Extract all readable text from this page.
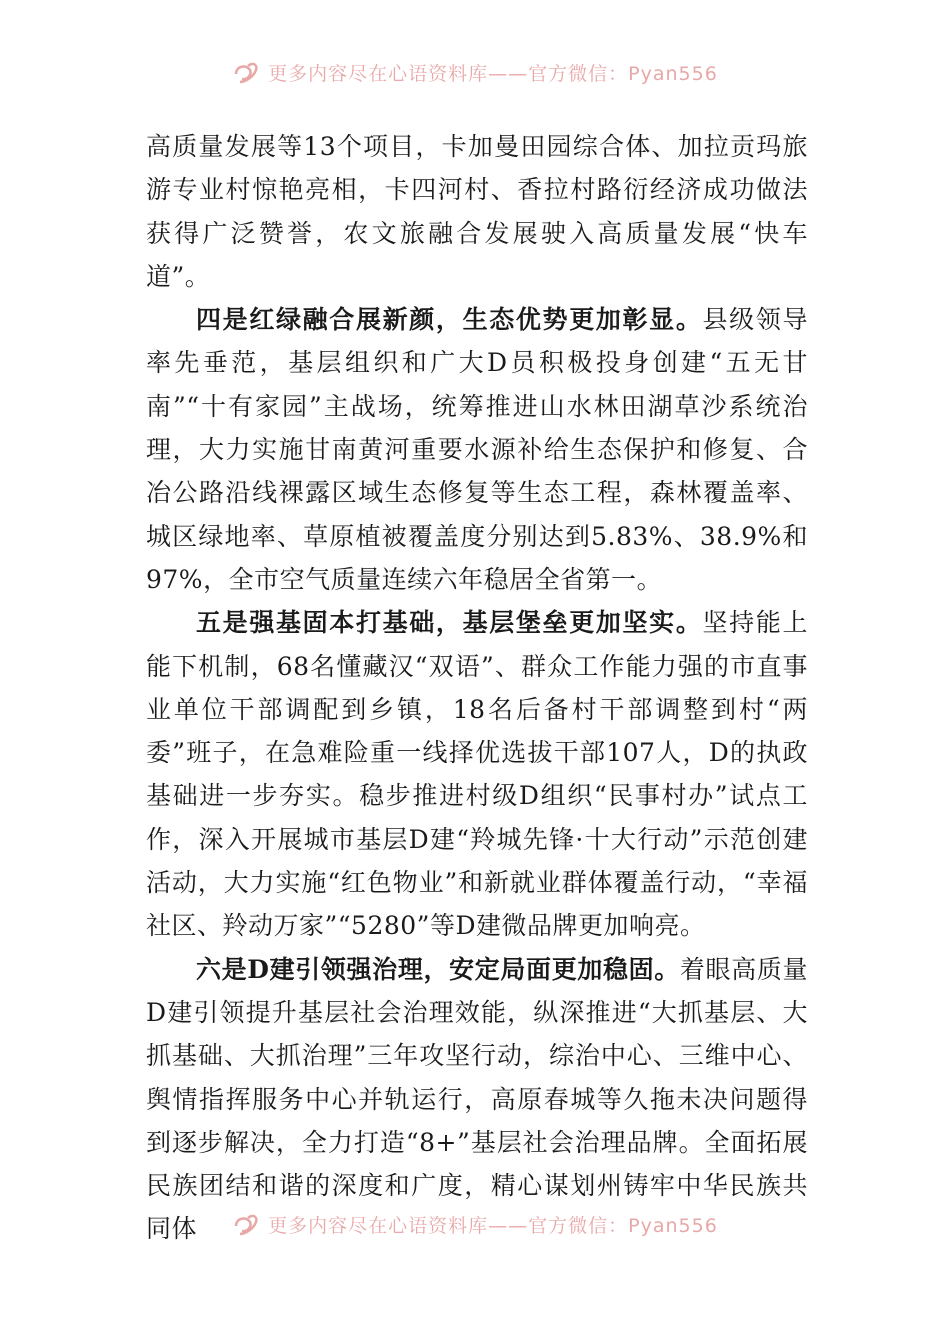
更多内容尽在心语资料库——官方微信：Pyan556

高质量发展等13个项目，卡加曼田园综合体、加拉贡玛旅游专业村惊艳亮相，卡四河村、香拉村路衍经济成功做法获得广泛赞誉，农文旅融合发展驶入高质量发展“快车道”。

四是红绿融合展新颜，生态优势更加彰显。县级领导率先垂范，基层组织和广大D员积极投身创建“五无甘南”“十有家园”主战场，统筹推进山水林田湖草沙系统治理，大力实施甘南黄河重要水源补给生态保护和修复、合冶公路沿线裸露区域生态修复等生态工程，森林覆盖率、城区绿地率、草原植被覆盖度分别达到5.83%、38.9%和97%，全市空气质量连续六年稳居全省第一。

五是强基固本打基础，基层堡垒更加坚实。坚持能上能下机制，68名懂藏汉“双语”、群众工作能力强的市直事业单位干部调配到乡镇，18名后备村干部调整到村“两委”班子，在急难险重一线择优选拔干部107人，D的执政基础进一步夯实。稳步推进村级D组织“民事村办”试点工作，深入开展城市基层D建“羚城先锋·十大行动”示范创建活动，大力实施“红色物业”和新就业群体覆盖行动，“幸福社区、羚动万家”“5280”等D建微品牌更加响亮。

六是D建引领强治理，安定局面更加稳固。着眼高质量D建引领提升基层社会治理效能，纵深推进“大抓基层、大抓基础、大抓治理”三年攻坚行动，综治中心、三维中心、舆情指挥服务中心并轨运行，高原春城等久拖未决问题得到逐步解决，全力打造“8+”基层社会治理品牌。全面拓展民族团结和谐的深度和广度，精心谋划州铸牢中华民族共同体	更多内容尽在心语资料库——官方微信：Pyan556
